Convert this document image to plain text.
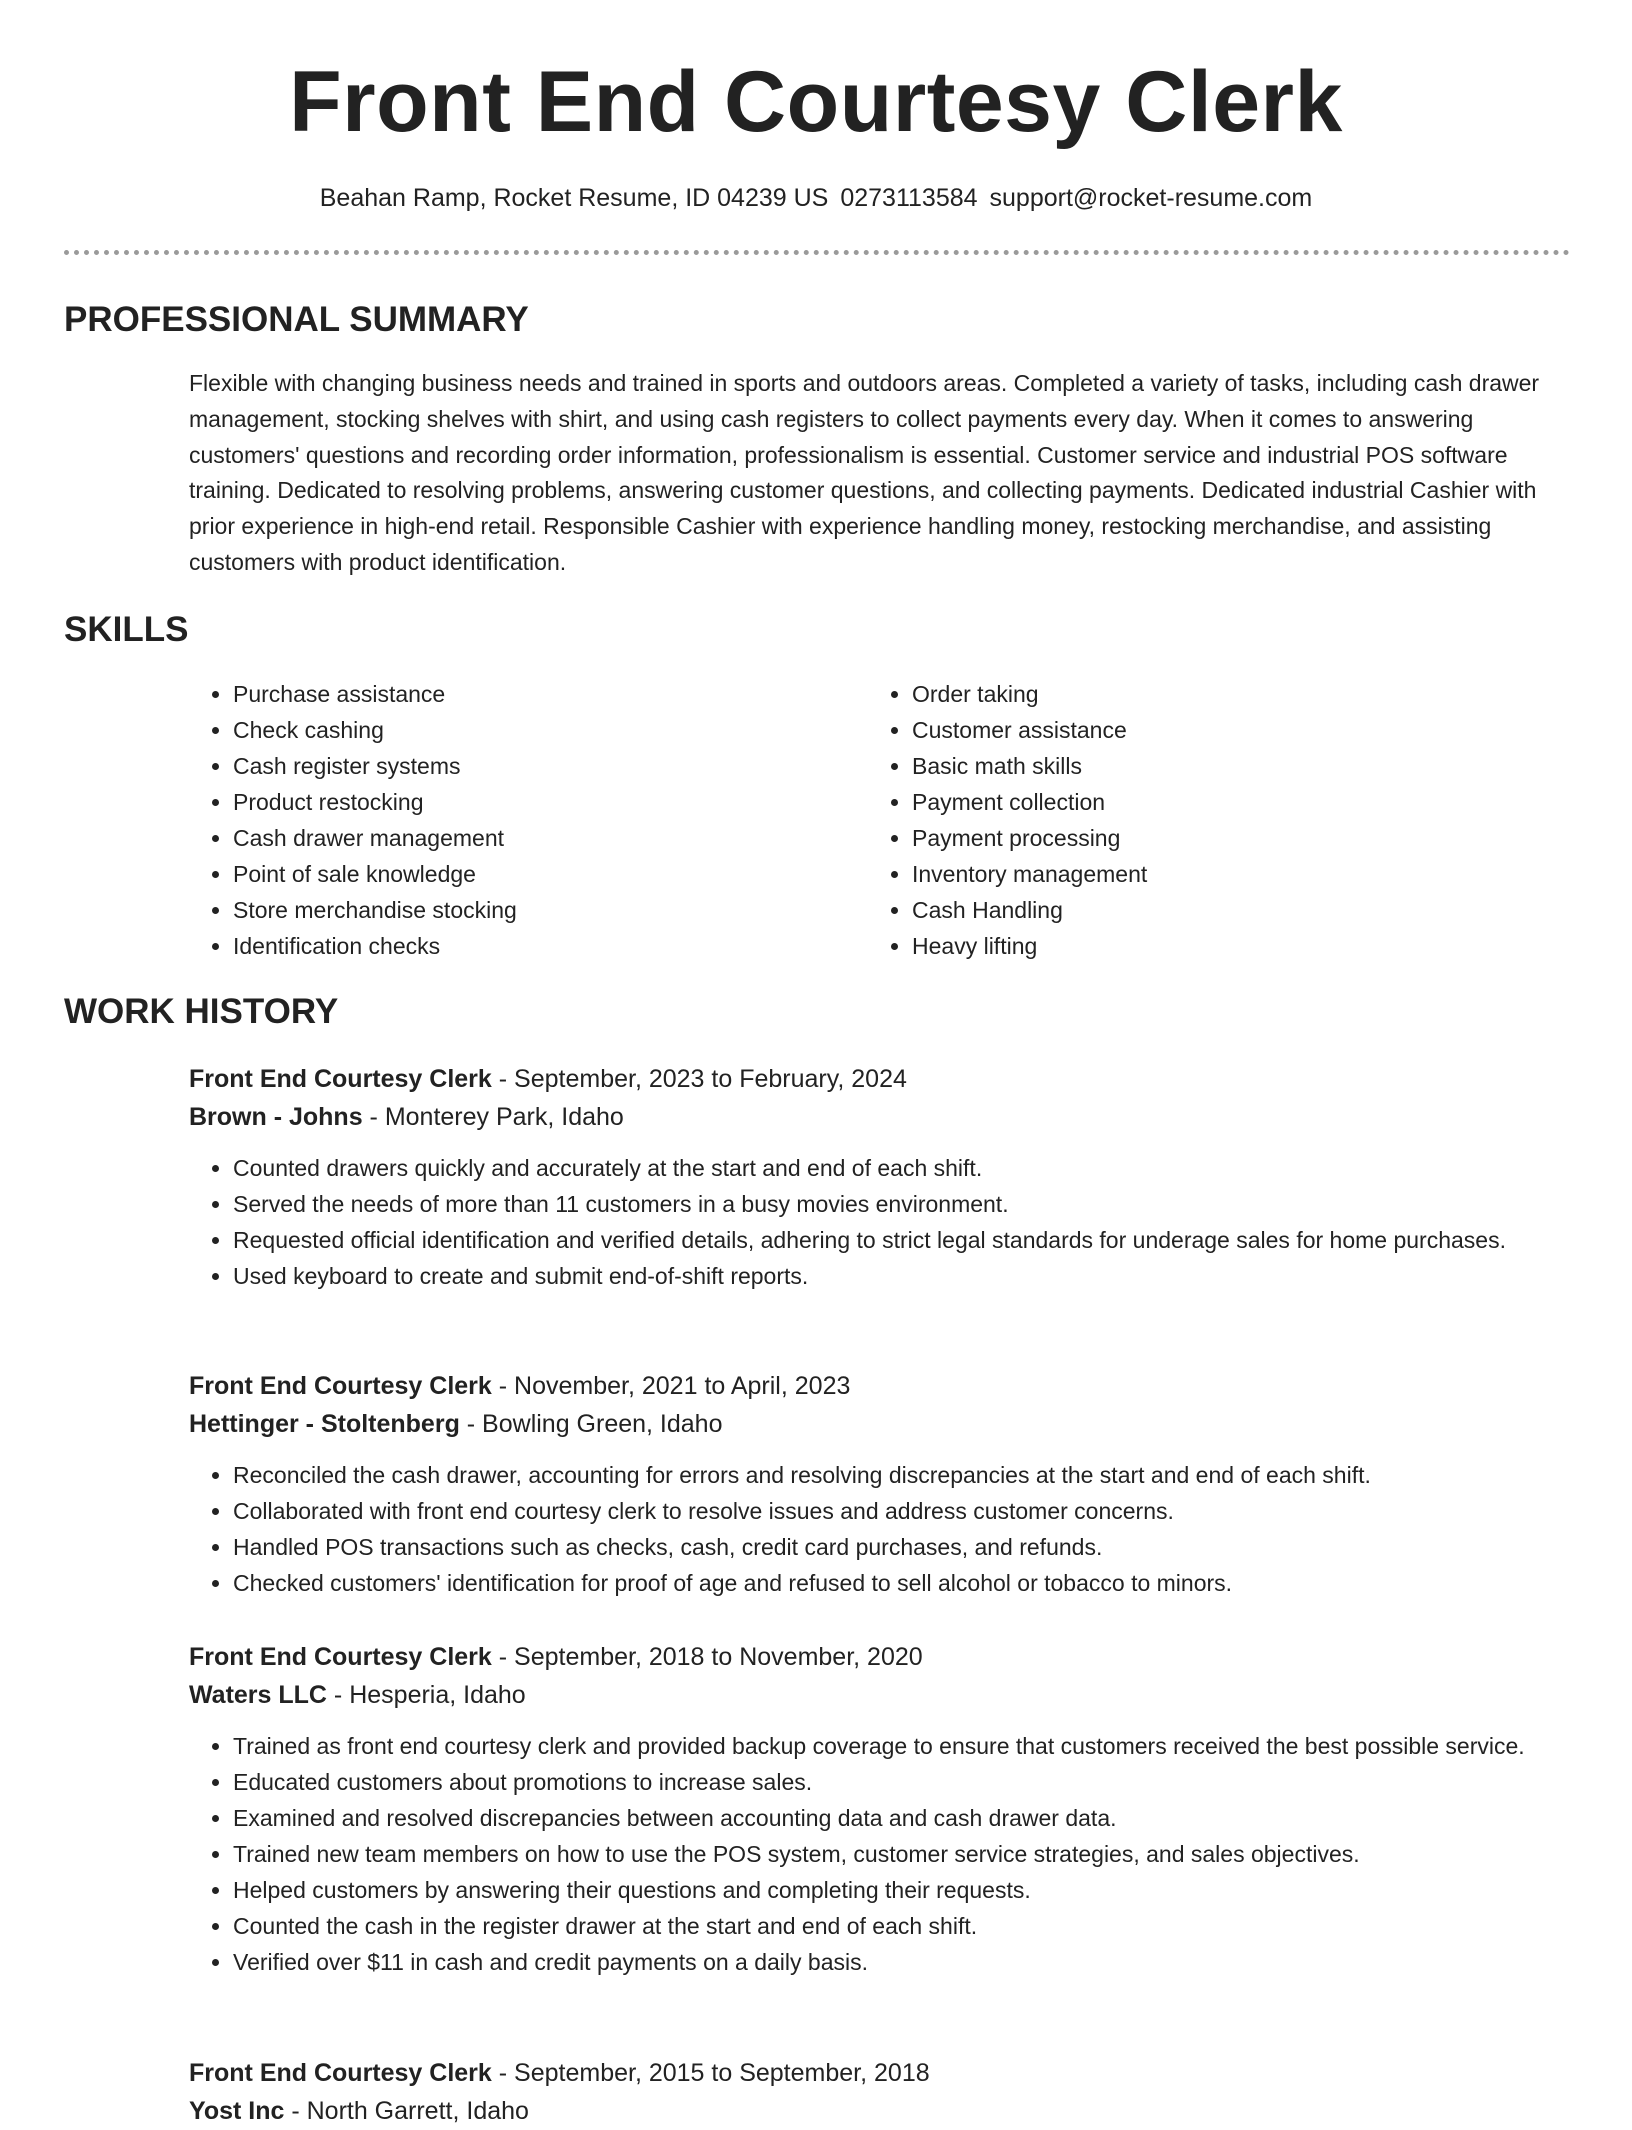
Front End Courtesy Clerk
Beahan Ramp, Rocket Resume, ID 04239 US 0273113584 support@rocket-resume.com
PROFESSIONAL SUMMARY

Flexible with changing business needs and trained in sports and outdoors areas. Completed a variety of tasks, including cash drawer management, stocking shelves with shirt, and using cash registers to collect payments every day. When it comes to answering customers' questions and recording order information, professionalism is essential. Customer service and industrial POS software training. Dedicated to resolving problems, answering customer questions, and collecting payments. Dedicated industrial Cashier with prior experience in high-end retail. Responsible Cashier with experience handling money, restocking merchandise, and assisting customers with product identification.

SKILLS
• Purchase assistance
• Check cashing
• Cash register systems
• Product restocking
• Cash drawer management
• Point of sale knowledge
• Store merchandise stocking
• Identification checks
• Order taking
• Customer assistance
• Basic math skills
• Payment collection
• Payment processing
• Inventory management
• Cash Handling
• Heavy lifting
WORK HISTORY
Front End Courtesy Clerk - September, 2023 to February, 2024
Brown - Johns - Monterey Park, Idaho
• Counted drawers quickly and accurately at the start and end of each shift.
• Served the needs of more than 11 customers in a busy movies environment.
• Requested official identification and verified details, adhering to strict legal standards for underage sales for home purchases.
• Used keyboard to create and submit end-of-shift reports.
Front End Courtesy Clerk - November, 2021 to April, 2023
Hettinger - Stoltenberg - Bowling Green, Idaho
• Reconciled the cash drawer, accounting for errors and resolving discrepancies at the start and end of each shift.
• Collaborated with front end courtesy clerk to resolve issues and address customer concerns.
• Handled POS transactions such as checks, cash, credit card purchases, and refunds.
• Checked customers' identification for proof of age and refused to sell alcohol or tobacco to minors.
Front End Courtesy Clerk - September, 2018 to November, 2020
Waters LLC - Hesperia, Idaho
• Trained as front end courtesy clerk and provided backup coverage to ensure that customers received the best possible service.
• Educated customers about promotions to increase sales.
• Examined and resolved discrepancies between accounting data and cash drawer data.
• Trained new team members on how to use the POS system, customer service strategies, and sales objectives.
• Helped customers by answering their questions and completing their requests.
• Counted the cash in the register drawer at the start and end of each shift.
• Verified over $11 in cash and credit payments on a daily basis.
Front End Courtesy Clerk - September, 2015 to September, 2018
Yost Inc - North Garrett, Idaho
